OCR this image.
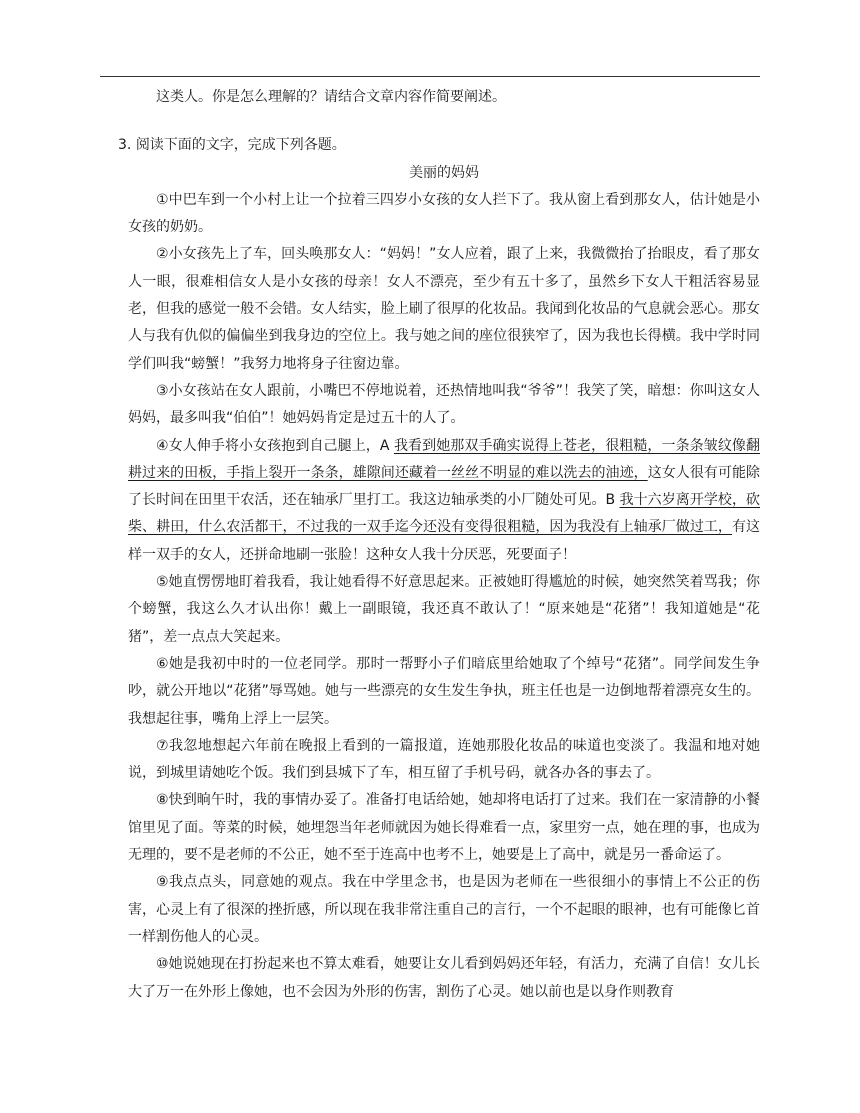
这类人。你是怎么理解的？请结合文章内容作简要阐述。

3. 阅读下面的文字，完成下列各题。

美丽的妈妈

①中巴车到一个小村上让一个拉着三四岁小女孩的女人拦下了。我从窗上看到那女人，估计她是小女孩的奶奶。

②小女孩先上了车，回头唤那女人：“妈妈！”女人应着，跟了上来，我微微抬了抬眼皮，看了那女人一眼，很难相信女人是小女孩的母亲！女人不漂亮，至少有五十多了，虽然乡下女人干粗活容易显老，但我的感觉一般不会错。女人结实，脸上刷了很厚的化妆品。我闻到化妆品的气息就会恶心。那女人与我有仇似的偏偏坐到我身边的空位上。我与她之间的座位很狭窄了，因为我也长得横。我中学时同学们叫我“螃蟹！”我努力地将身子往窗边靠。

③小女孩站在女人跟前，小嘴巴不停地说着，还热情地叫我“爷爷”！我笑了笑，暗想：你叫这女人妈妈，最多叫我“伯伯”！她妈妈肯定是过五十的人了。

④女人伸手将小女孩抱到自己腿上，A 我看到她那双手确实说得上苍老，很粗糙，一条条皱纹像翻耕过来的田板，手指上裂开一条条，雄隙间还藏着一丝丝不明显的难以洗去的油迹，这女人很有可能除了长时间在田里干农活，还在轴承厂里打工。我这边轴承类的小厂随处可见。B 我十六岁离开学校，砍柴、耕田，什么农活都干，不过我的一双手迄今还没有变得很粗糙，因为我没有上轴承厂做过工，有这样一双手的女人，还拼命地刷一张脸！这种女人我十分厌恶，死要面子！

⑤她直愣愣地盯着我看，我让她看得不好意思起来。正被她盯得尴尬的时候，她突然笑着骂我；你个螃蟹，我这么久才认出你！戴上一副眼镜，我还真不敢认了！“原来她是“花猪”！我知道她是“花猪”，差一点点大笑起来。

⑥她是我初中时的一位老同学。那时一帮野小子们暗底里给她取了个绰号“花猪”。同学间发生争吵，就公开地以“花猪”辱骂她。她与一些漂亮的女生发生争执，班主任也是一边倒地帮着漂亮女生的。我想起往事，嘴角上浮上一层笑。

⑦我忽地想起六年前在晚报上看到的一篇报道，连她那股化妆品的味道也变淡了。我温和地对她说，到城里请她吃个饭。我们到县城下了车，相互留了手机号码，就各办各的事去了。

⑧快到晌午时，我的事情办妥了。准备打电话给她，她却将电话打了过来。我们在一家清静的小餐馆里见了面。等菜的时候，她埋怨当年老师就因为她长得难看一点，家里穷一点，她在理的事，也成为无理的，要不是老师的不公正，她不至于连高中也考不上，她要是上了高中，就是另一番命运了。

⑨我点点头，同意她的观点。我在中学里念书，也是因为老师在一些很细小的事情上不公正的伤害，心灵上有了很深的挫折感，所以现在我非常注重自己的言行，一个不起眼的眼神，也有可能像匕首一样割伤他人的心灵。

⑩她说她现在打扮起来也不算太难看，她要让女儿看到妈妈还年轻，有活力，充满了自信！女儿长大了万一在外形上像她，也不会因为外形的伤害，割伤了心灵。她以前也是以身作则教育
